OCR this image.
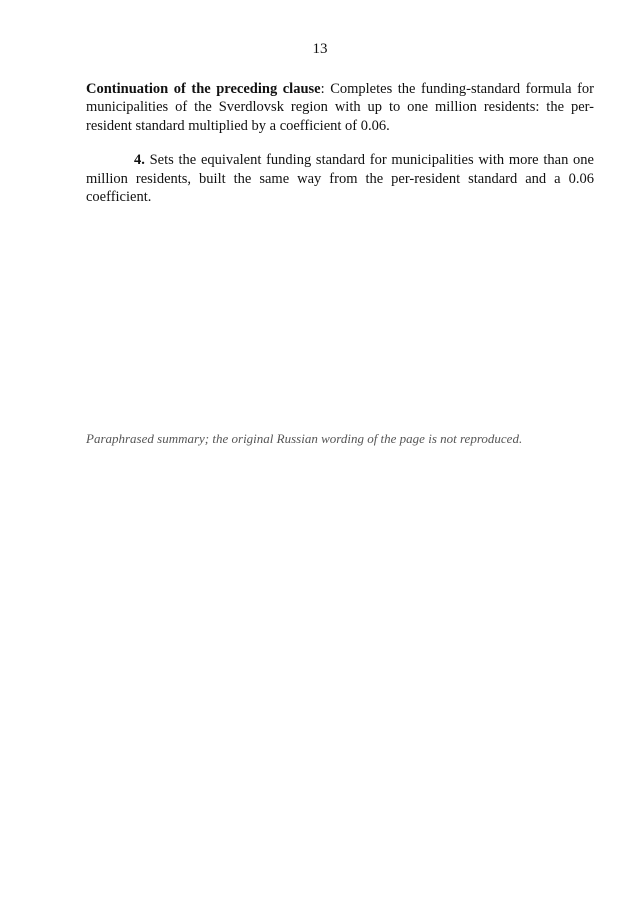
13

Continuation of the preceding clause: Completes the funding-standard formula for municipalities of the Sverdlovsk region with up to one million residents: the per-resident standard multiplied by a coefficient of 0.06.

4. Sets the equivalent funding standard for municipalities with more than one million residents, built the same way from the per-resident standard and a 0.06 coefficient.

Paraphrased summary; the original Russian wording of the page is not reproduced.
